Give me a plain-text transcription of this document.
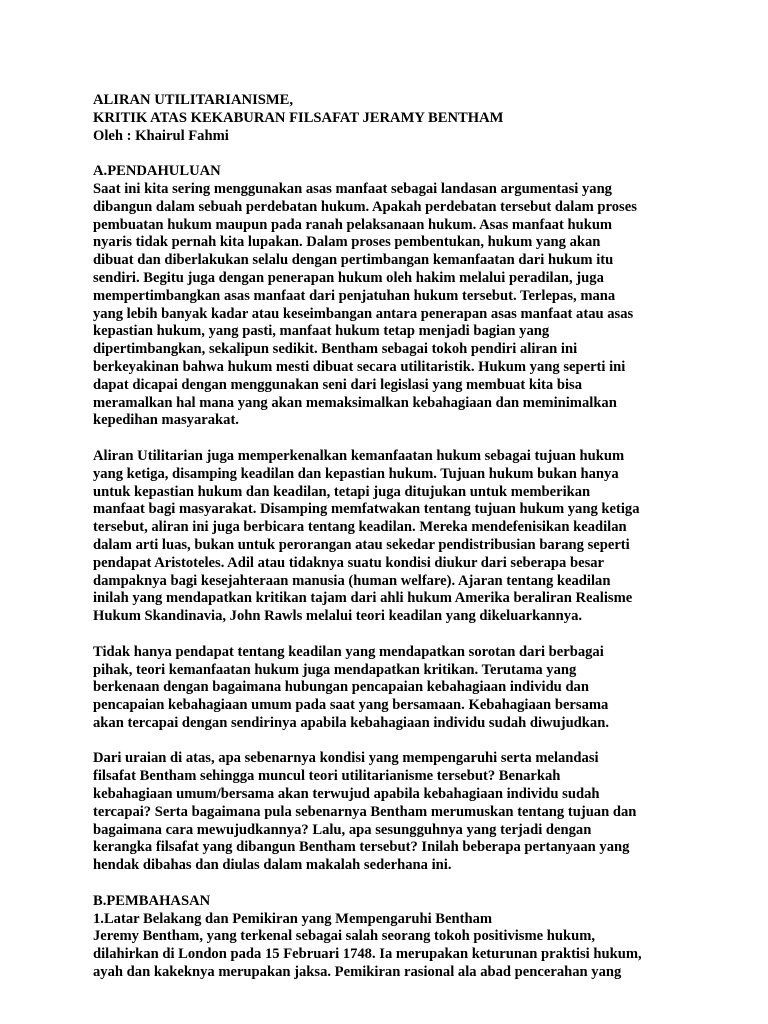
ALIRAN UTILITARIANISME,
KRITIK ATAS KEKABURAN FILSAFAT JERAMY BENTHAM
Oleh : Khairul Fahmi
A.PENDAHULUAN
Saat ini kita sering menggunakan asas manfaat sebagai landasan argumentasi yang
dibangun dalam sebuah perdebatan hukum. Apakah perdebatan tersebut dalam proses
pembuatan hukum maupun pada ranah pelaksanaan hukum. Asas manfaat hukum
nyaris tidak pernah kita lupakan. Dalam proses pembentukan, hukum yang akan
dibuat dan diberlakukan selalu dengan pertimbangan kemanfaatan dari hukum itu
sendiri. Begitu juga dengan penerapan hukum oleh hakim melalui peradilan, juga
mempertimbangkan asas manfaat dari penjatuhan hukum tersebut. Terlepas, mana
yang lebih banyak kadar atau keseimbangan antara penerapan asas manfaat atau asas
kepastian hukum, yang pasti, manfaat hukum tetap menjadi bagian yang
dipertimbangkan, sekalipun sedikit. Bentham sebagai tokoh pendiri aliran ini
berkeyakinan bahwa hukum mesti dibuat secara utilitaristik. Hukum yang seperti ini
dapat dicapai dengan menggunakan seni dari legislasi yang membuat kita bisa
meramalkan hal mana yang akan memaksimalkan kebahagiaan dan meminimalkan
kepedihan masyarakat.
Aliran Utilitarian juga memperkenalkan kemanfaatan hukum sebagai tujuan hukum
yang ketiga, disamping keadilan dan kepastian hukum. Tujuan hukum bukan hanya
untuk kepastian hukum dan keadilan, tetapi juga ditujukan untuk memberikan
manfaat bagi masyarakat. Disamping memfatwakan tentang tujuan hukum yang ketiga
tersebut, aliran ini juga berbicara tentang keadilan. Mereka mendefenisikan keadilan
dalam arti luas, bukan untuk perorangan atau sekedar pendistribusian barang seperti
pendapat Aristoteles. Adil atau tidaknya suatu kondisi diukur dari seberapa besar
dampaknya bagi kesejahteraan manusia (human welfare). Ajaran tentang keadilan
inilah yang mendapatkan kritikan tajam dari ahli hukum Amerika beraliran Realisme
Hukum Skandinavia, John Rawls melalui teori keadilan yang dikeluarkannya.
Tidak hanya pendapat tentang keadilan yang mendapatkan sorotan dari berbagai
pihak, teori kemanfaatan hukum juga mendapatkan kritikan. Terutama yang
berkenaan dengan bagaimana hubungan pencapaian kebahagiaan individu dan
pencapaian kebahagiaan umum pada saat yang bersamaan. Kebahagiaan bersama
akan tercapai dengan sendirinya apabila kebahagiaan individu sudah diwujudkan.
Dari uraian di atas, apa sebenarnya kondisi yang mempengaruhi serta melandasi
filsafat Bentham sehingga muncul teori utilitarianisme tersebut? Benarkah
kebahagiaan umum/bersama akan terwujud apabila kebahagiaan individu sudah
tercapai? Serta bagaimana pula sebenarnya Bentham merumuskan tentang tujuan dan
bagaimana cara mewujudkannya? Lalu, apa sesungguhnya yang terjadi dengan
kerangka filsafat yang dibangun Bentham tersebut? Inilah beberapa pertanyaan yang
hendak dibahas dan diulas dalam makalah sederhana ini.
B.PEMBAHASAN
1.Latar Belakang dan Pemikiran yang Mempengaruhi Bentham
Jeremy Bentham, yang terkenal sebagai salah seorang tokoh positivisme hukum,
dilahirkan di London pada 15 Februari 1748. Ia merupakan keturunan praktisi hukum,
ayah dan kakeknya merupakan jaksa. Pemikiran rasional ala abad pencerahan yang
